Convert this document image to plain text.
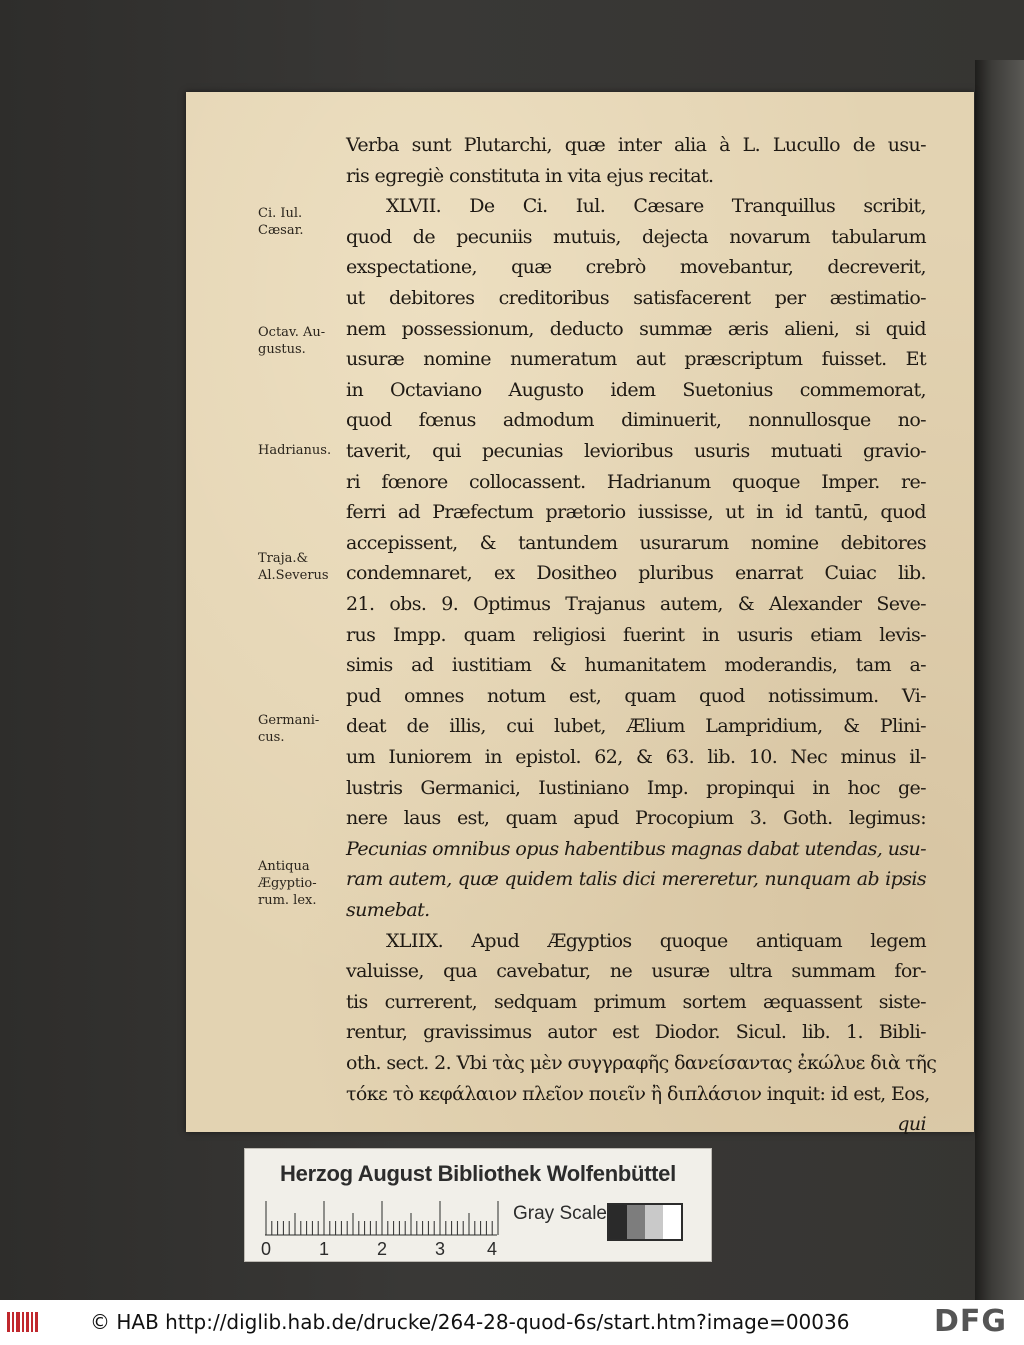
Ci. Iul.
Cæsar.
Octav. Au-
gustus.
Hadrianus.
Traja.&
Al.Severus
Germani-
cus.
Antiqua
Ægyptio-
rum. lex.
Verba sunt Plutarchi, quæ inter alia à L. Lucullo de usu-
ris egregiè constituta in vita ejus recitat.
XLVII. De Ci. Iul. Cæsare Tranquillus scribit,
quod de pecuniis mutuis, dejecta novarum tabularum
exspectatione, quæ crebrò movebantur, decreverit,
ut debitores creditoribus satisfacerent per æstimatio-
nem possessionum, deducto summæ æris alieni, si quid
usuræ nomine numeratum aut præscriptum fuisset. Et
in Octaviano Augusto idem Suetonius commemorat,
quod fœnus admodum diminuerit, nonnullosque no-
taverit, qui pecunias levioribus usuris mutuati gravio-
ri fœnore collocassent. Hadrianum quoque Imper. re-
ferri ad Præfectum prætorio iussisse, ut in id tantū, quod
accepissent, & tantundem usurarum nomine debitores
condemnaret, ex Dositheo pluribus enarrat Cuiac lib.
21. obs. 9. Optimus Trajanus autem, & Alexander Seve-
rus Impp. quam religiosi fuerint in usuris etiam levis-
simis ad iustitiam & humanitatem moderandis, tam a-
pud omnes notum est, quam quod notissimum. Vi-
deat de illis, cui lubet, Ælium Lampridium, & Plini-
um Iuniorem in epistol. 62, & 63. lib. 10. Nec minus il-
lustris Germanici, Iustiniano Imp. propinqui in hoc ge-
nere laus est, quam apud Procopium 3. Goth. legimus:
Pecunias omnibus opus habentibus magnas dabat utendas, usu-
ram autem, quæ quidem talis dici mereretur, nunquam ab ipsis
sumebat.
XLIIX. Apud Ægyptios quoque antiquam legem
valuisse, qua cavebatur, ne usuræ ultra summam for-
tis currerent, sedquam primum sortem æquassent siste-
rentur, gravissimus autor est Diodor. Sicul. lib. 1. Bibli-
oth. sect. 2. Vbi τὰς μὲν συγγραφῆς δανείσαντας ἐκώλυε διὰ τῆς
τόκε τὸ κεφάλαιον πλεῖον ποιεῖν ἢ διπλάσιον inquit: id est, Eos,
qui
Herzog August Bibliothek Wolfenbüttel
0	1	2	3 4
Gray Scale
© HAB http://diglib.hab.de/drucke/264-28-quod-6s/start.htm?image=00036	DFG
